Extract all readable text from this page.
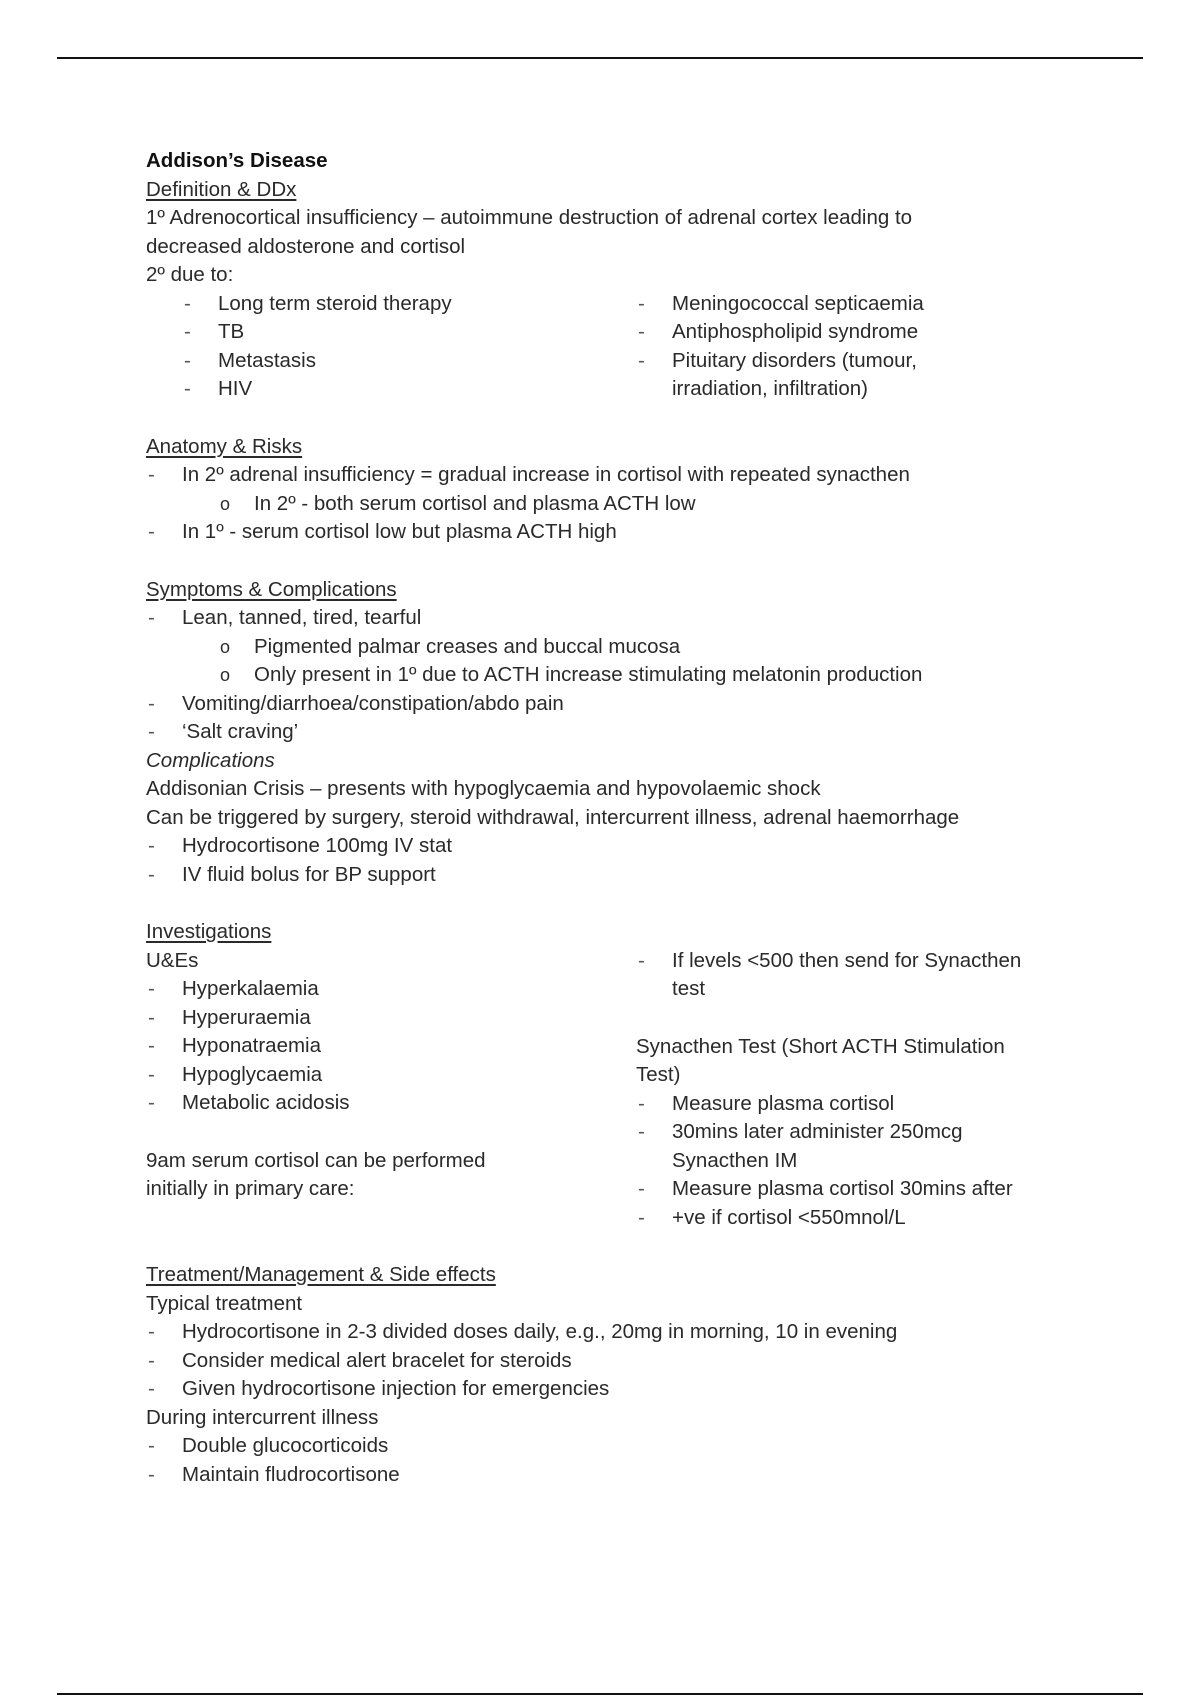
Addison’s Disease
Definition & DDx
1º Adrenocortical insufficiency – autoimmune destruction of adrenal cortex leading to
decreased aldosterone and cortisol
2º due to:
- Long term steroid therapy
- TB
- Metastasis
- HIV
- Meningococcal septicaemia
- Antiphospholipid syndrome
- Pituitary disorders (tumour,
irradiation, infiltration)
Anatomy & Risks
- In 2º adrenal insufficiency = gradual increase in cortisol with repeated synacthen
o In 2º - both serum cortisol and plasma ACTH low
- In 1º - serum cortisol low but plasma ACTH high
Symptoms & Complications
- Lean, tanned, tired, tearful
o Pigmented palmar creases and buccal mucosa
o Only present in 1º due to ACTH increase stimulating melatonin production
- Vomiting/diarrhoea/constipation/abdo pain
- ‘Salt craving’
Complications
Addisonian Crisis – presents with hypoglycaemia and hypovolaemic shock
Can be triggered by surgery, steroid withdrawal, intercurrent illness, adrenal haemorrhage
- Hydrocortisone 100mg IV stat
- IV fluid bolus for BP support
Investigations
U&Es
- Hyperkalaemia
- Hyperuraemia
- Hyponatraemia
- Hypoglycaemia
- Metabolic acidosis
9am serum cortisol can be performed
initially in primary care:
- If levels <500 then send for Synacthen
test
Synacthen Test (Short ACTH Stimulation
Test)
- Measure plasma cortisol
- 30mins later administer 250mcg
Synacthen IM
- Measure plasma cortisol 30mins after
- +ve if cortisol <550mnol/L
Treatment/Management & Side effects
Typical treatment
- Hydrocortisone in 2-3 divided doses daily, e.g., 20mg in morning, 10 in evening
- Consider medical alert bracelet for steroids
- Given hydrocortisone injection for emergencies
During intercurrent illness
- Double glucocorticoids
- Maintain fludrocortisone
